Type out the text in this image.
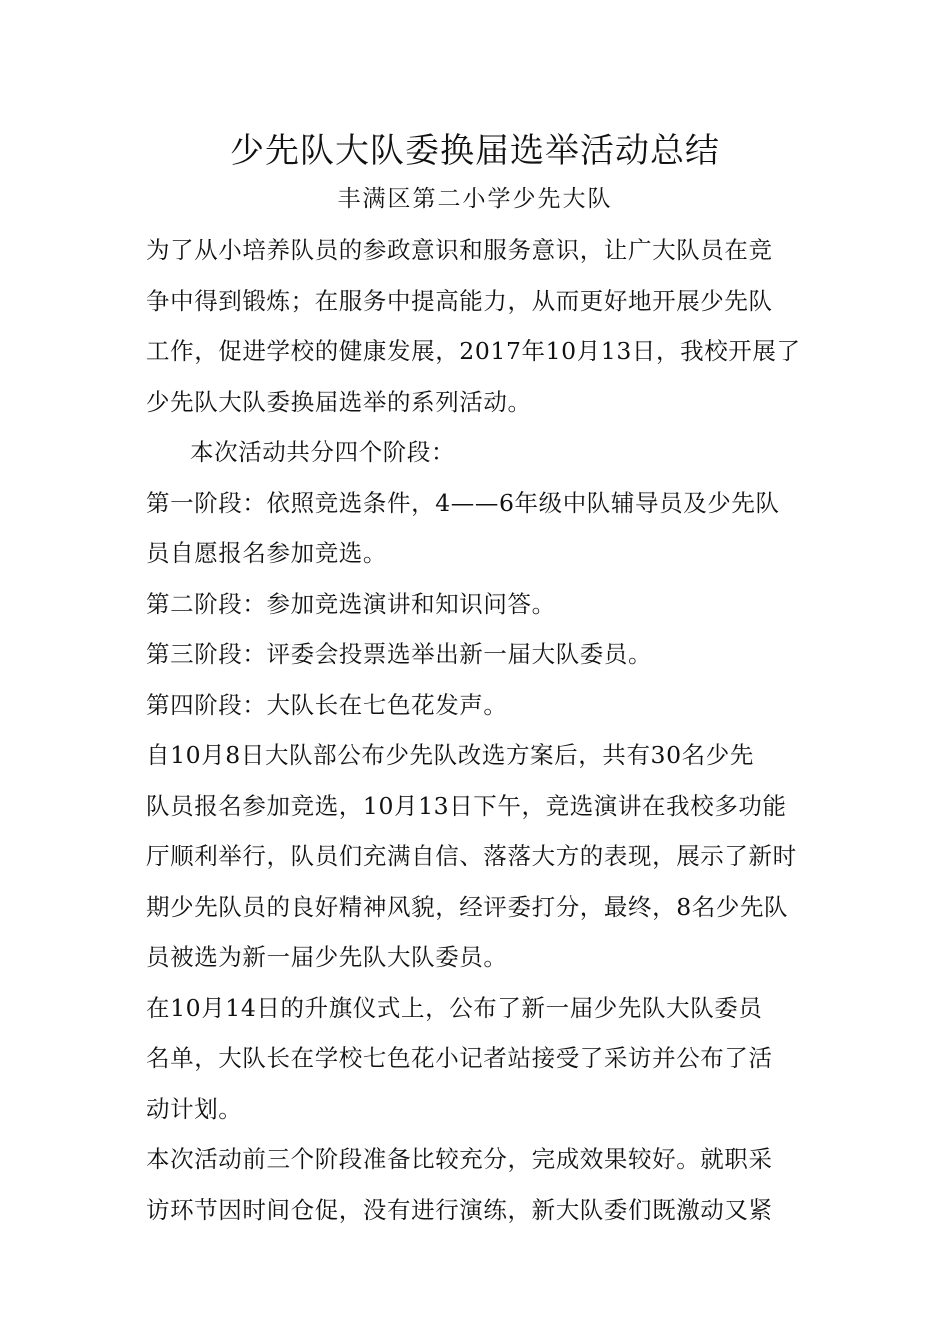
少先队大队委换届选举活动总结
丰满区第二小学少先大队
为了从小培养队员的参政意识和服务意识，让广大队员在竞
争中得到锻炼；在服务中提高能力，从而更好地开展少先队
工作，促进学校的健康发展，2017年10月13日，我校开展了
少先队大队委换届选举的系列活动。
本次活动共分四个阶段：
第一阶段：依照竞选条件，4——6年级中队辅导员及少先队
员自愿报名参加竞选。
第二阶段：参加竞选演讲和知识问答。
第三阶段：评委会投票选举出新一届大队委员。
第四阶段：大队长在七色花发声。
自10月8日大队部公布少先队改选方案后，共有30名少先
队员报名参加竞选，10月13日下午，竞选演讲在我校多功能
厅顺利举行，队员们充满自信、落落大方的表现，展示了新时
期少先队员的良好精神风貌，经评委打分，最终，8名少先队
员被选为新一届少先队大队委员。
在10月14日的升旗仪式上，公布了新一届少先队大队委员
名单，大队长在学校七色花小记者站接受了采访并公布了活
动计划。
本次活动前三个阶段准备比较充分，完成效果较好。就职采
访环节因时间仓促，没有进行演练，新大队委们既激动又紧
